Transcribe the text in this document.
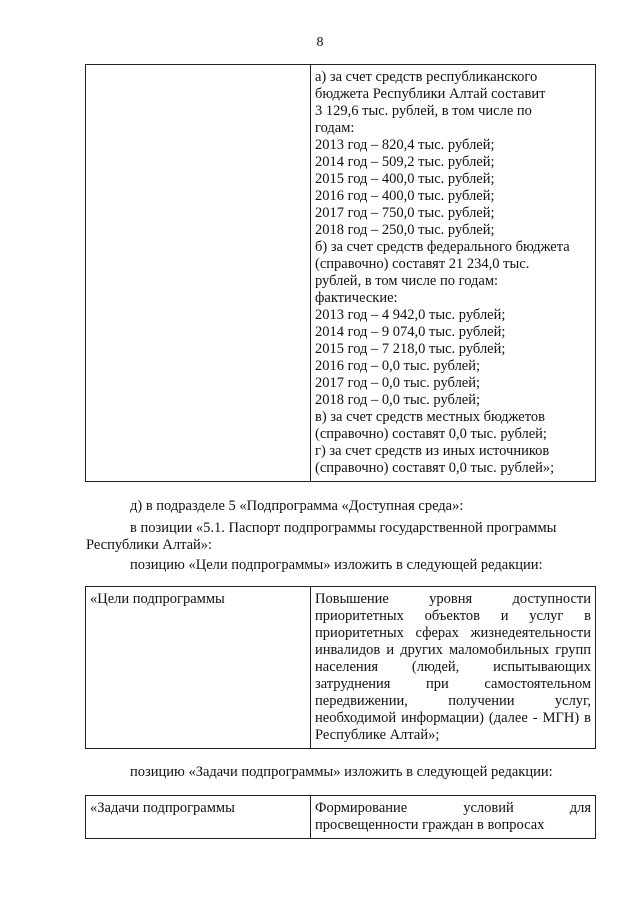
8

а) за счет средств республиканского
бюджета Республики Алтай составит
3 129,6 тыс. рублей, в том числе по
годам:
2013 год – 820,4 тыс. рублей;
2014 год – 509,2 тыс. рублей;
2015 год – 400,0 тыс. рублей;
2016 год – 400,0 тыс. рублей;
2017 год – 750,0 тыс. рублей;
2018 год – 250,0 тыс. рублей;
б) за счет средств федерального бюджета
(справочно) составят 21 234,0 тыс.
рублей, в том числе по годам:
фактические:
2013 год – 4 942,0 тыс. рублей;
2014 год – 9 074,0 тыс. рублей;
2015 год – 7 218,0 тыс. рублей;
2016 год – 0,0 тыс. рублей;
2017 год – 0,0 тыс. рублей;
2018 год – 0,0 тыс. рублей;
в) за счет средств местных бюджетов
(справочно) составят 0,0 тыс. рублей;
г) за счет средств из иных источников
(справочно) составят 0,0 тыс. рублей»;
д) в подразделе 5 «Подпрограмма «Доступная среда»:
в позиции «5.1. Паспорт подпрограммы государственной программы
Республики Алтай»:
позицию «Цели подпрограммы» изложить в следующей редакции:
«Цели подпрограммы	Повышение уровня доступности приоритетных объектов и услуг в приоритетных сферах жизнедеятельности инвалидов и других маломобильных групп населения (людей, испытывающих затруднения при самостоятельном передвижении, получении услуг, необходимой информации) (далее - МГН) в Республике Алтай»;
позицию «Задачи подпрограммы» изложить в следующей редакции:
«Задачи подпрограммы	Формирование условий для просвещенности граждан в вопросах
